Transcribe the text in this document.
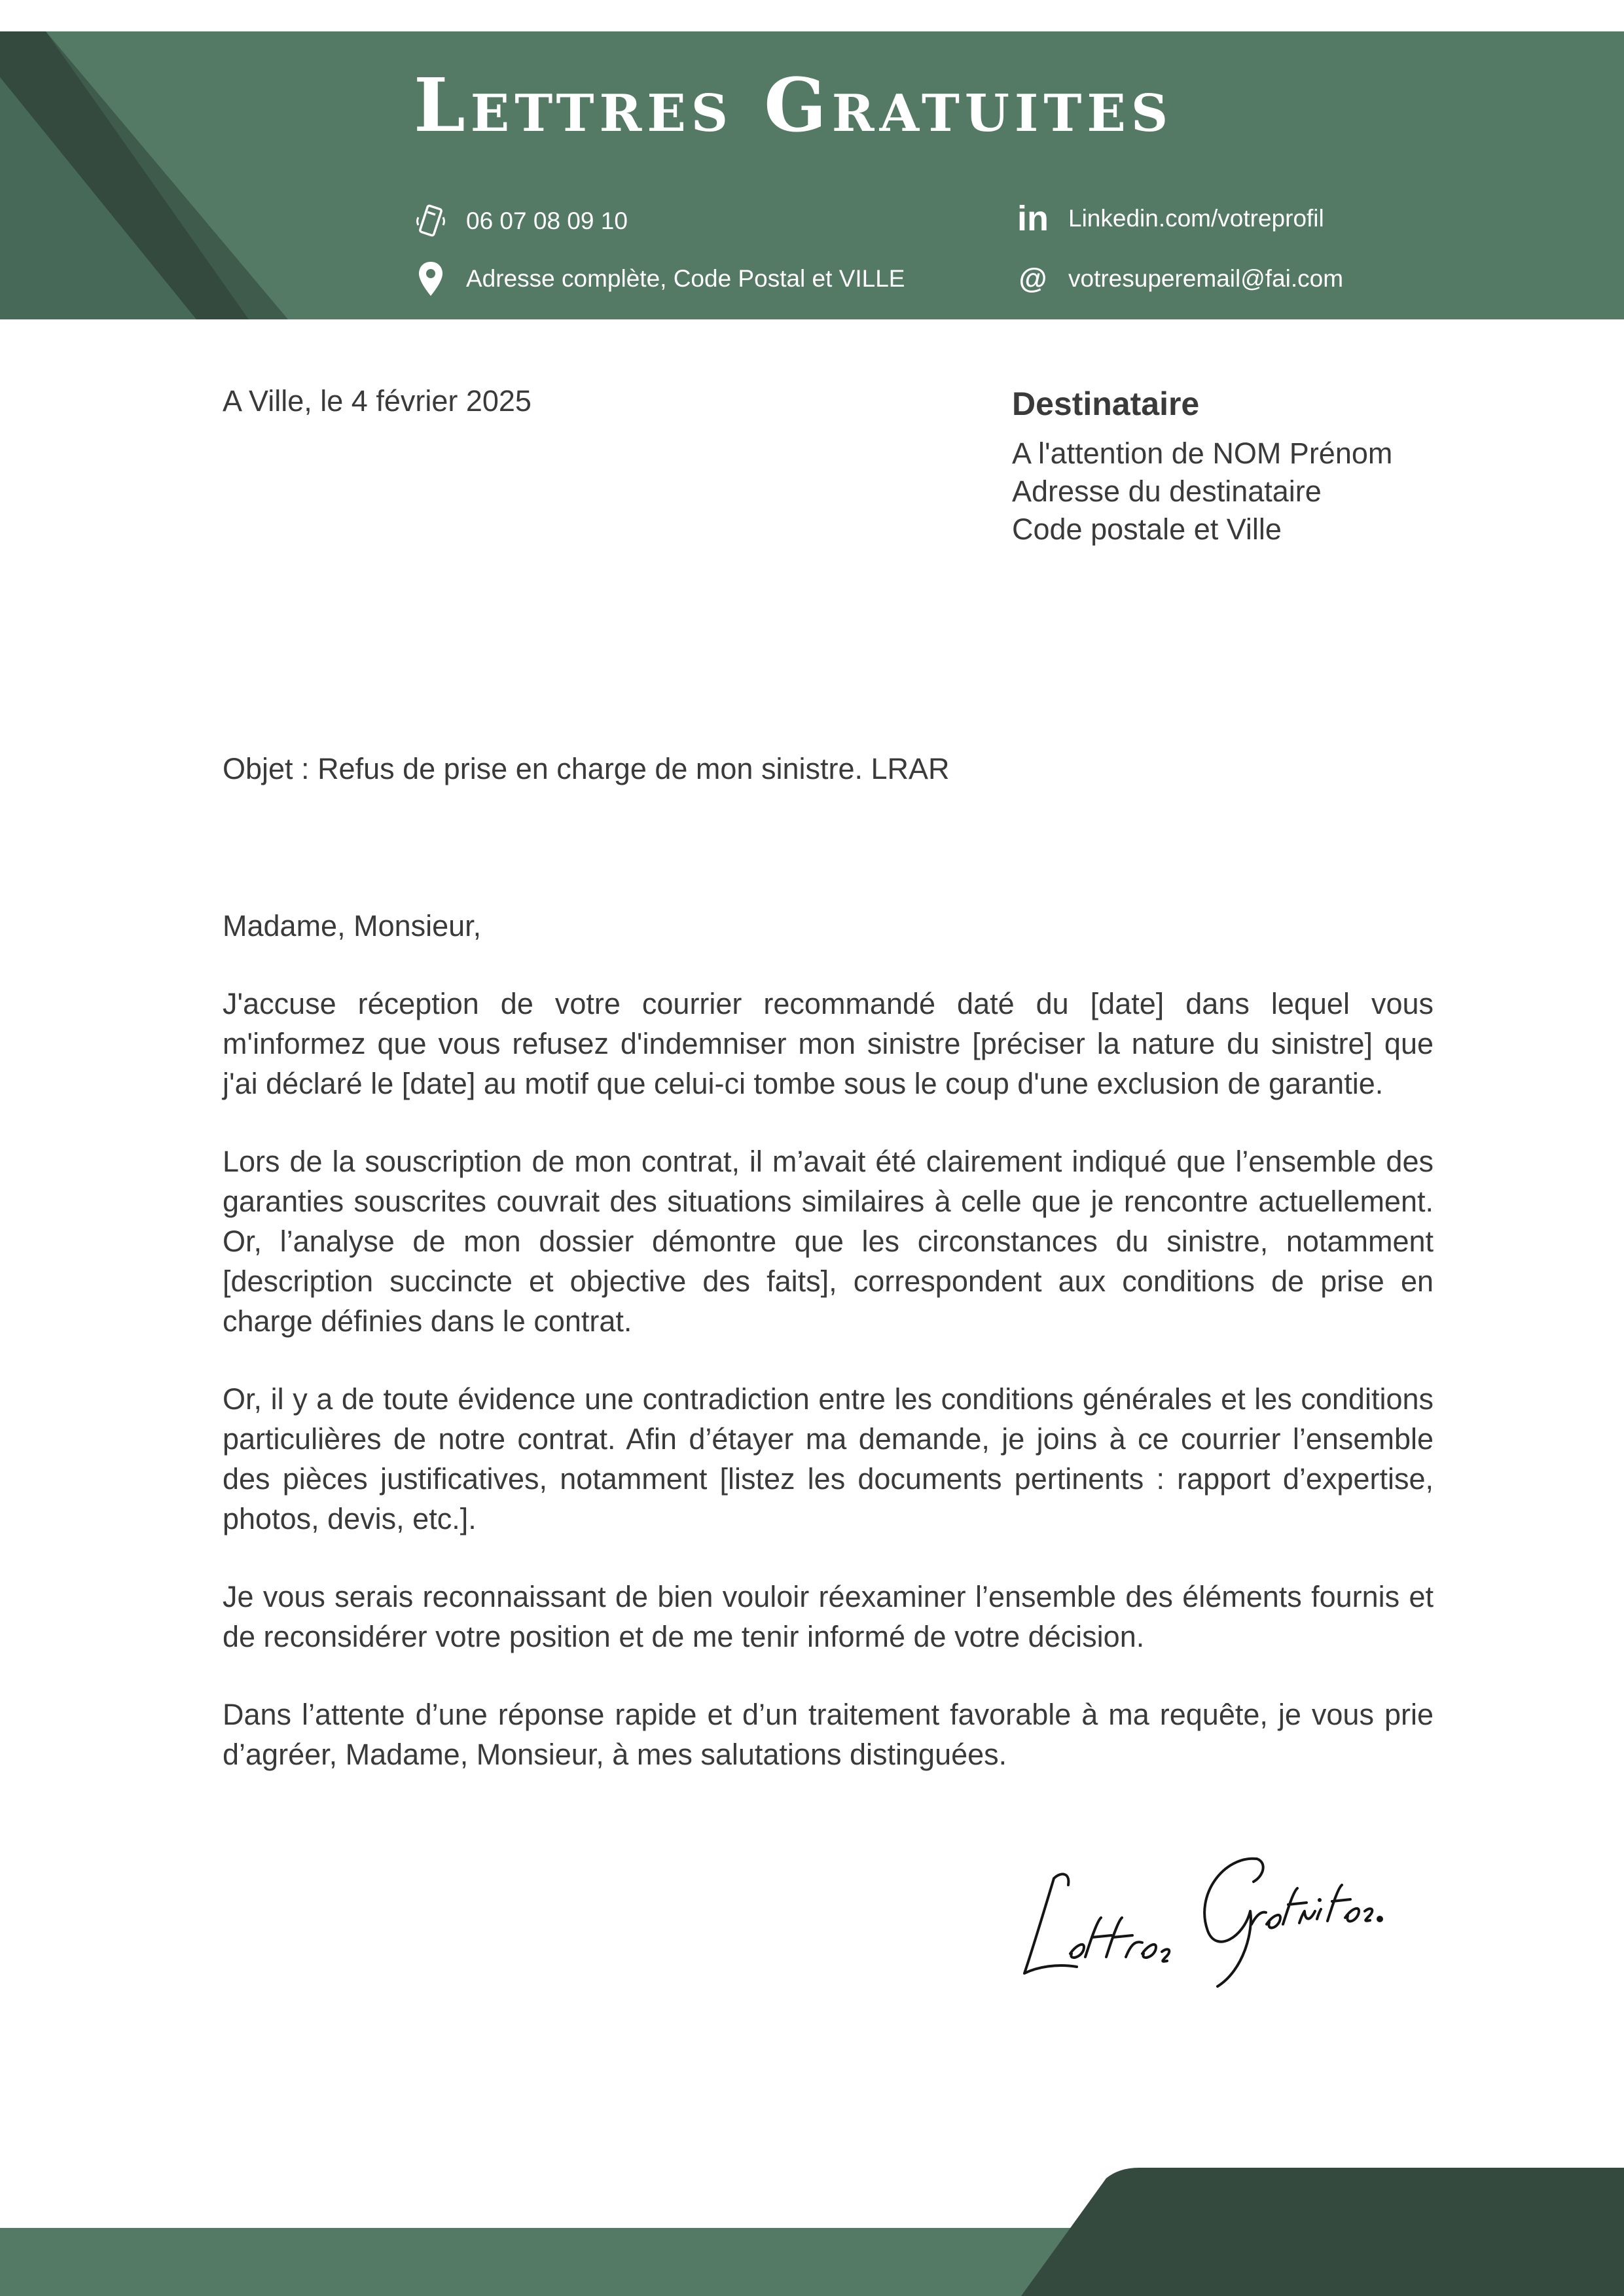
Lettres Gratuites
06 07 08 09 10
Adresse complète, Code Postal et VILLE
in Linkedin.com/votreprofil
@ votresuperemail@fai.com
A Ville, le 4 février 2025	Destinataire
A l'attention de NOM Prénom
Adresse du destinataire
Code postale et Ville
Objet : Refus de prise en charge de mon sinistre. LRAR

Madame, Monsieur,

J'accuse réception de votre courrier recommandé daté du [date] dans lequel vous m'informez que vous refusez d'indemniser mon sinistre [préciser la nature du sinistre] que j'ai déclaré le [date] au motif que celui-ci tombe sous le coup d'une exclusion de garantie.

Lors de la souscription de mon contrat, il m’avait été clairement indiqué que l’ensemble des garanties souscrites couvrait des situations similaires à celle que je rencontre actuellement. Or, l’analyse de mon dossier démontre que les circonstances du sinistre, notamment [description succincte et objective des faits], correspondent aux conditions de prise en charge définies dans le contrat.

Or, il y a de toute évidence une contradiction entre les conditions générales et les conditions particulières de notre contrat. Afin d’étayer ma demande, je joins à ce courrier l’ensemble des pièces justificatives, notamment [listez les documents pertinents : rapport d’expertise, photos, devis, etc.].

Je vous serais reconnaissant de bien vouloir réexaminer l’ensemble des éléments fournis et de reconsidérer votre position et de me tenir informé de votre décision.

Dans l’attente d’une réponse rapide et d’un traitement favorable à ma requête, je vous prie d’agréer, Madame, Monsieur, à mes salutations distinguées.
